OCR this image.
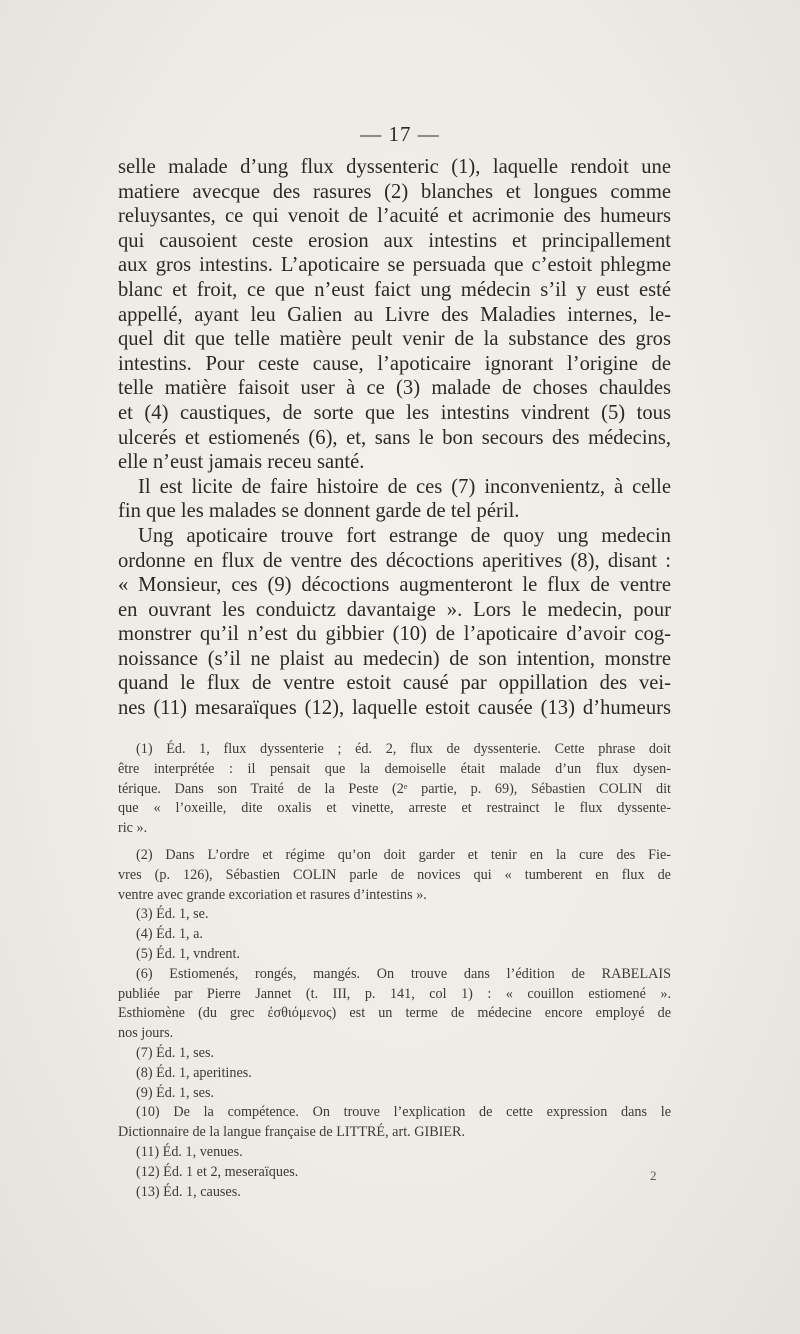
— 17 —

selle malade d’ung flux dyssenteric (1), laquelle rendoit une

matiere avecque des rasures (2) blanches et longues comme

reluysantes, ce qui venoit de l’acuité et acrimonie des humeurs

qui causoient ceste erosion aux intestins et principallement

aux gros intestins. L’apoticaire se persuada que c’estoit phlegme

blanc et froit, ce que n’eust faict ung médecin s’il y eust esté

appellé, ayant leu Galien au Livre des Maladies internes, le-

quel dit que telle matière peult venir de la substance des gros

intestins. Pour ceste cause, l’apoticaire ignorant l’origine de

telle matière faisoit user à ce (3) malade de choses chauldes

et (4) caustiques, de sorte que les intestins vindrent (5) tous

ulcerés et estiomenés (6), et, sans le bon secours des médecins,

elle n’eust jamais receu santé.

Il est licite de faire histoire de ces (7) inconvenientz, à celle

fin que les malades se donnent garde de tel péril.

Ung apoticaire trouve fort estrange de quoy ung medecin

ordonne en flux de ventre des décoctions aperitives (8), disant :

« Monsieur, ces (9) décoctions augmenteront le flux de ventre

en ouvrant les conduictz davantaige ». Lors le medecin, pour

monstrer qu’il n’est du gibbier (10) de l’apoticaire d’avoir cog-

noissance (s’il ne plaist au medecin) de son intention, monstre

quand le flux de ventre estoit causé par oppillation des vei-

nes (11) mesaraïques (12), laquelle estoit causée (13) d’humeurs

(1) Éd. 1, flux dyssenterie ; éd. 2, flux de dyssenterie. Cette phrase doit

être interprétée : il pensait que la demoiselle était malade d’un flux dysen-

térique. Dans son Traité de la Peste (2ᵉ partie, p. 69), Sébastien COLIN dit

que « l’oxeille, dite oxalis et vinette, arreste et restrainct le flux dyssente-

ric ».

(2) Dans L’ordre et régime qu’on doit garder et tenir en la cure des Fie-

vres (p. 126), Sébastien COLIN parle de novices qui « tumberent en flux de

ventre avec grande excoriation et rasures d’intestins ».

(3) Éd. 1, se.

(4) Éd. 1, a.

(5) Éd. 1, vndrent.

(6) Estiomenés, rongés, mangés. On trouve dans l’édition de RABELAIS

publiée par Pierre Jannet (t. III, p. 141, col 1) : « couillon estiomené ».

Esthiomène (du grec ἐσθιόμενος) est un terme de médecine encore employé de

nos jours.

(7) Éd. 1, ses.

(8) Éd. 1, aperitines.

(9) Éd. 1, ses.

(10) De la compétence. On trouve l’explication de cette expression dans le

Dictionnaire de la langue française de LITTRÉ, art. GIBIER.

(11) Éd. 1, venues.

(12) Éd. 1 et 2, meseraïques.

(13) Éd. 1, causes.

2
